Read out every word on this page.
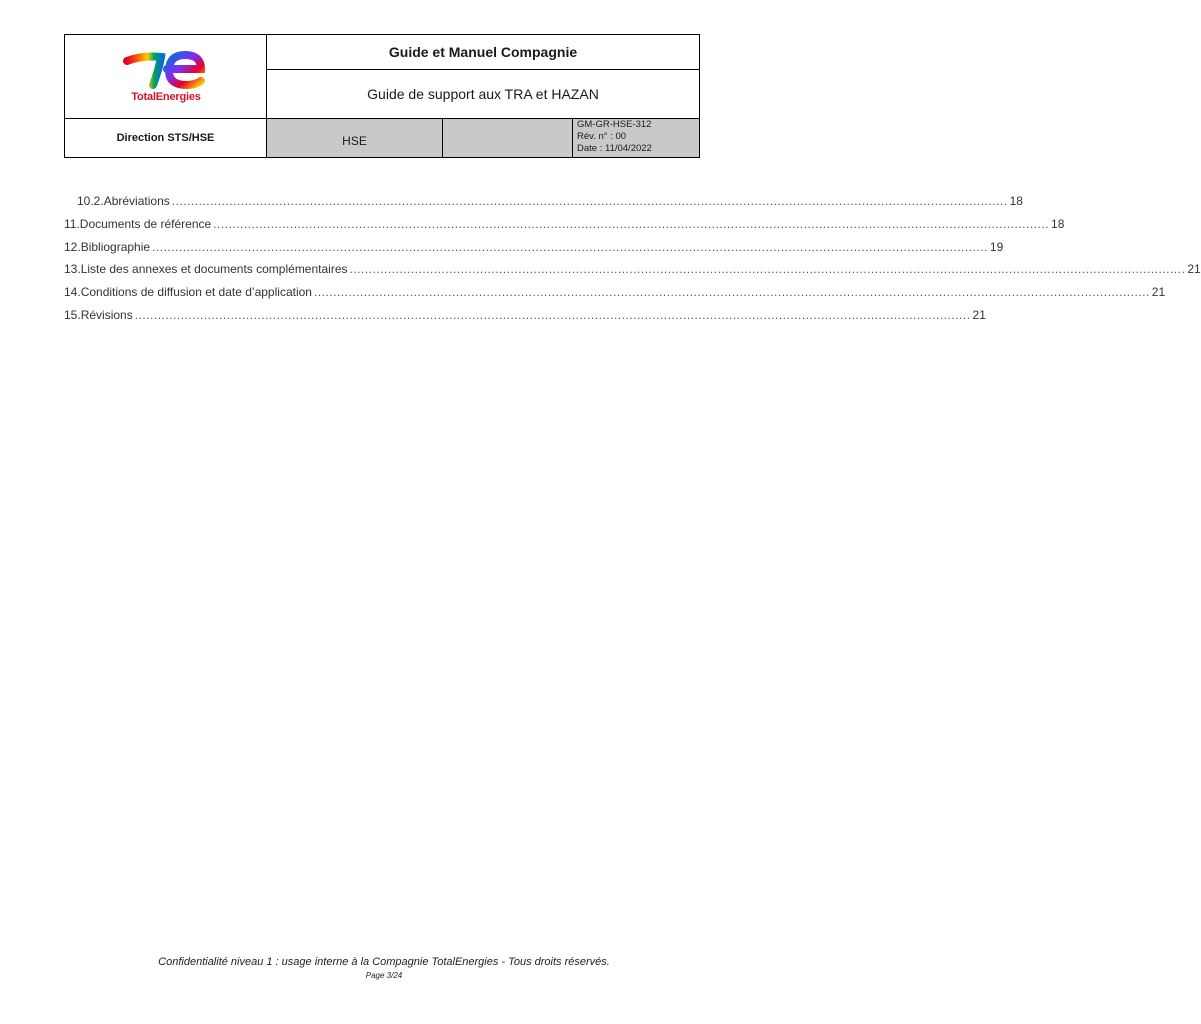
TotalEnergies
Guide et Manuel Compagnie
Guide de support aux TRA et HAZAN
Direction STS/HSE	HSE
GM-GR-HSE-312
Rév. n° : 00
Date : 11/04/2022
10.2. Abréviations .......................................................................................................................................................................................................................... 18
11. Documents de référence .......................................................................................................................................................................................................................... 18
12. Bibliographie .......................................................................................................................................................................................................................... 19
13. Liste des annexes et documents complémentaires .......................................................................................................................................................................................................................... 21
14. Conditions de diffusion et date d’application .......................................................................................................................................................................................................................... 21
15. Révisions .......................................................................................................................................................................................................................... 21
Confidentialité niveau 1 : usage interne à la Compagnie TotalEnergies - Tous droits réservés.
Page 3/24
